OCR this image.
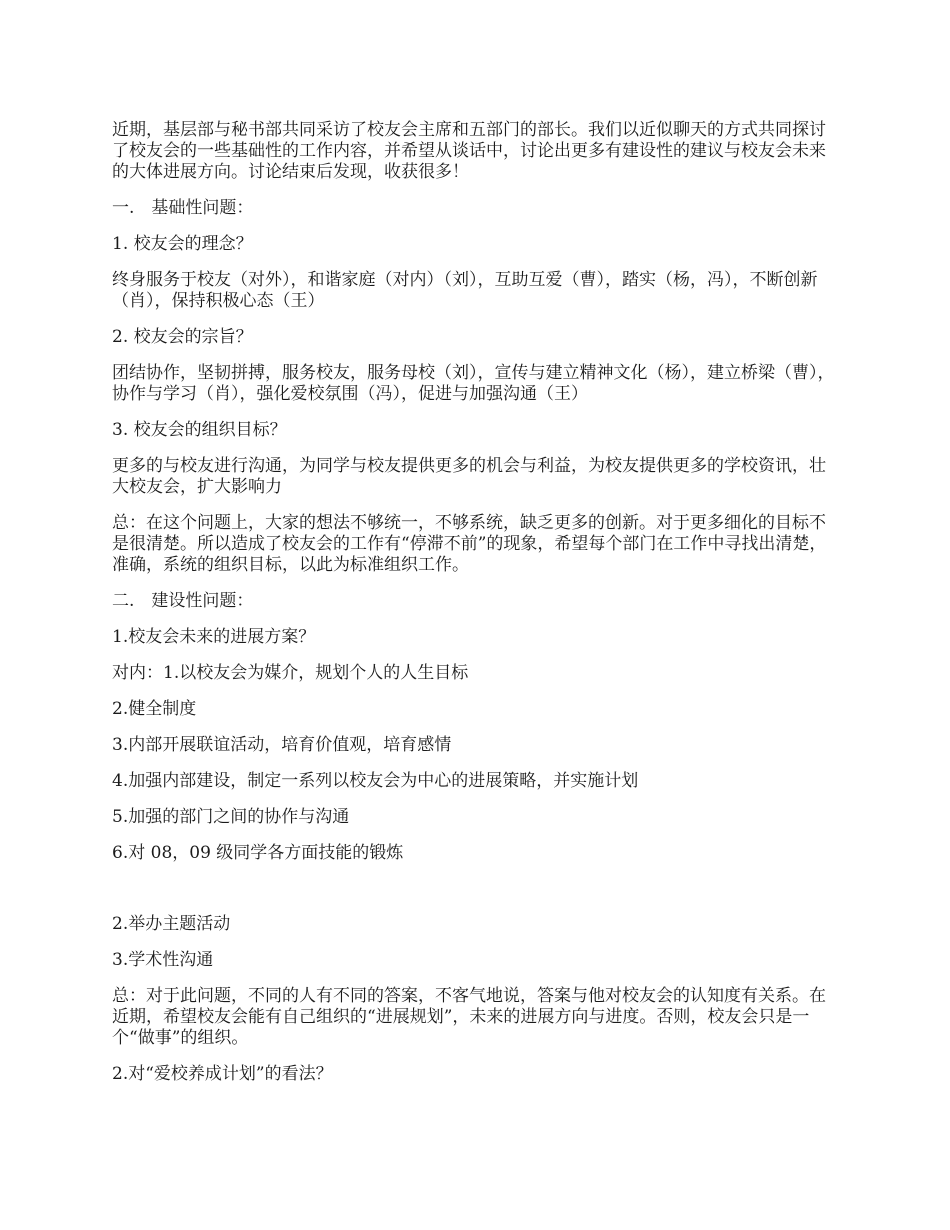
近期，基层部与秘书部共同采访了校友会主席和五部门的部长。我们以近似聊天的方式共同探讨了校友会的一些基础性的工作内容，并希望从谈话中，讨论出更多有建设性的建议与校友会未来的大体进展方向。讨论结束后发现，收获很多！

一.　基础性问题：

1. 校友会的理念？

终身服务于校友（对外），和谐家庭（对内）（刘），互助互爱（曹），踏实（杨，冯），不断创新（肖），保持积极心态（王）

2. 校友会的宗旨？

团结协作，坚韧拼搏，服务校友，服务母校（刘），宣传与建立精神文化（杨），建立桥梁（曹），协作与学习（肖），强化爱校氛围（冯），促进与加强沟通（王）

3. 校友会的组织目标？

更多的与校友进行沟通，为同学与校友提供更多的机会与利益，为校友提供更多的学校资讯，壮大校友会，扩大影响力

总：在这个问题上，大家的想法不够统一，不够系统，缺乏更多的创新。对于更多细化的目标不是很清楚。所以造成了校友会的工作有“停滞不前”的现象，希望每个部门在工作中寻找出清楚，准确，系统的组织目标，以此为标准组织工作。

二.　建设性问题：

1.校友会未来的进展方案？

对内：1.以校友会为媒介，规划个人的人生目标

2.健全制度

3.内部开展联谊活动，培育价值观，培育感情

4.加强内部建设，制定一系列以校友会为中心的进展策略，并实施计划

5.加强的部门之间的协作与沟通

6.对 08，09 级同学各方面技能的锻炼

2.举办主题活动

3.学术性沟通

总：对于此问题，不同的人有不同的答案，不客气地说，答案与他对校友会的认知度有关系。在近期，希望校友会能有自己组织的“进展规划”，未来的进展方向与进度。否则，校友会只是一个“做事”的组织。

2.对“爱校养成计划”的看法？
